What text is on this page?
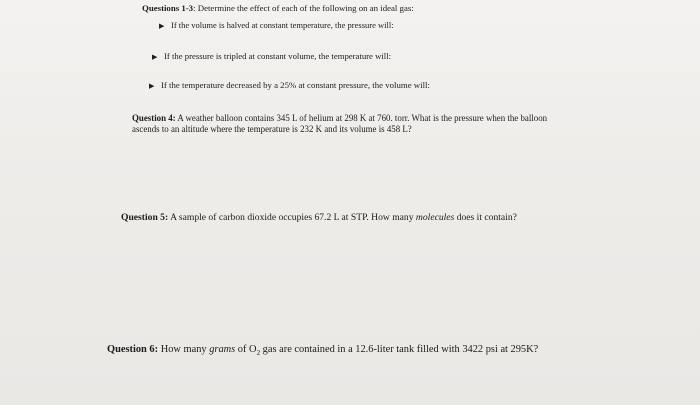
Questions 1-3: Determine the effect of each of the following on an ideal gas:
▶ If the volume is halved at constant temperature, the pressure will:
▶ If the pressure is tripled at constant volume, the temperature will:
▶ If the temperature decreased by a 25% at constant pressure, the volume will:
Question 4: A weather balloon contains 345 L of helium at 298 K at 760. torr. What is the pressure when the balloon ascends to an altitude where the temperature is 232 K and its volume is 458 L?
Question 5: A sample of carbon dioxide occupies 67.2 L at STP. How many molecules does it contain?
Question 6: How many grams of $O_2$ gas are contained in a 12.6-liter tank filled with 3422 psi at 295K?
